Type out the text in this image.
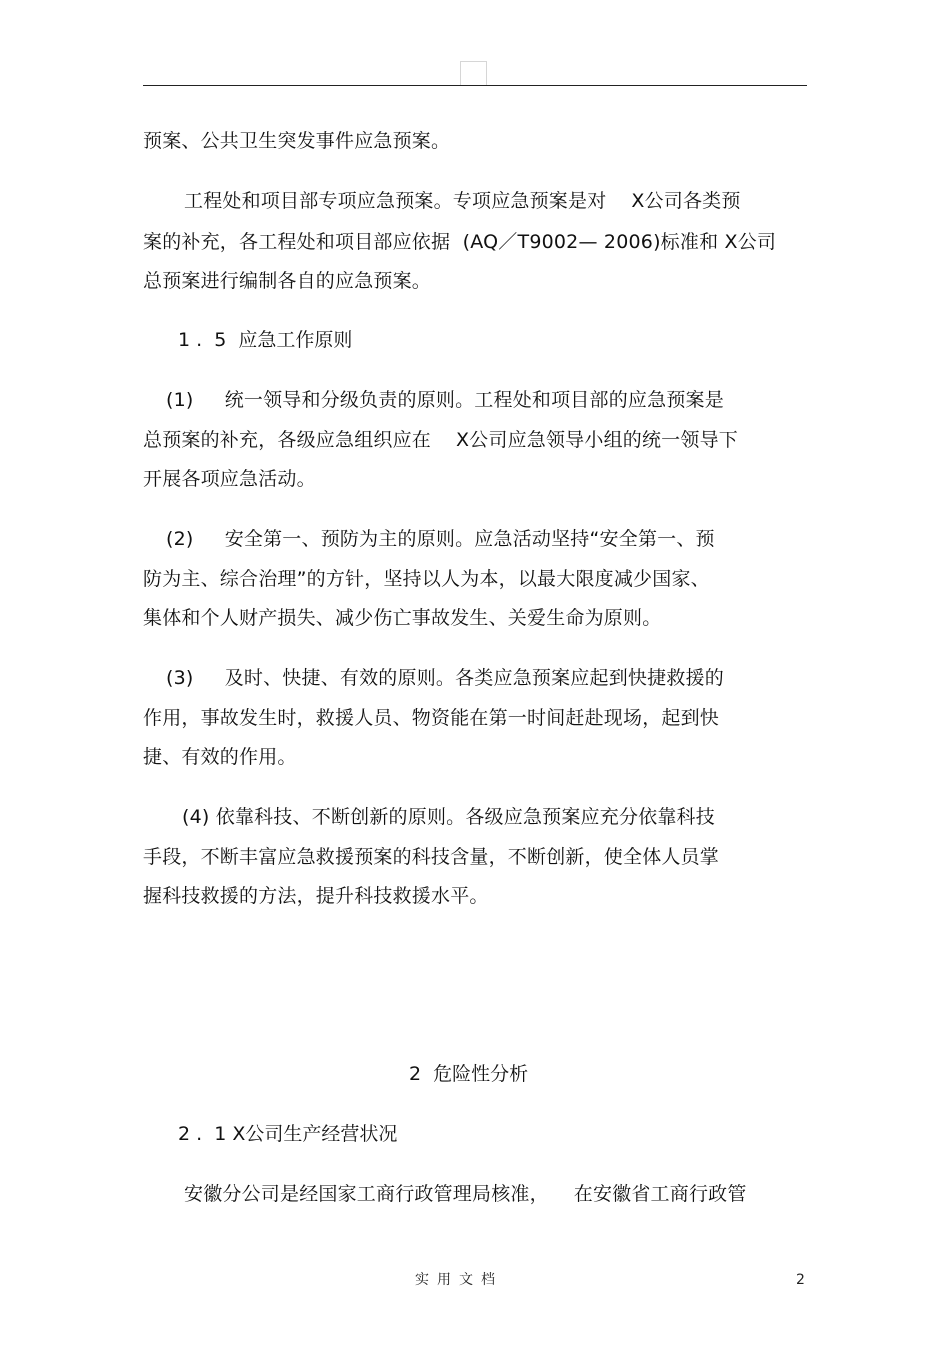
预案、公共卫生突发事件应急预案。
工程处和项目部专项应急预案。专项应急预案是对    X公司各类预
案的补充，各工程处和项目部应依据  (AQ／T9002— 2006)标准和 X公司
总预案进行编制各自的应急预案。
1 .  5  应急工作原则
(1)     统一领导和分级负责的原则。工程处和项目部的应急预案是
总预案的补充，各级应急组织应在    X公司应急领导小组的统一领导下
开展各项应急活动。
(2)     安全第一、预防为主的原则。应急活动坚持“安全第一、预
防为主、综合治理”的方针，坚持以人为本，以最大限度减少国家、
集体和个人财产损失、减少伤亡事故发生、关爱生命为原则。
(3)     及时、快捷、有效的原则。各类应急预案应起到快捷救援的
作用，事故发生时，救援人员、物资能在第一时间赶赴现场，起到快
捷、有效的作用。
(4) 依靠科技、不断创新的原则。各级应急预案应充分依靠科技
手段，不断丰富应急救援预案的科技含量，不断创新，使全体人员掌
握科技救援的方法，提升科技救援水平。
2  危险性分析
2 .  1 X公司生产经营状况
安徽分公司是经国家工商行政管理局核准，    在安徽省工商行政管
实用文档	2
